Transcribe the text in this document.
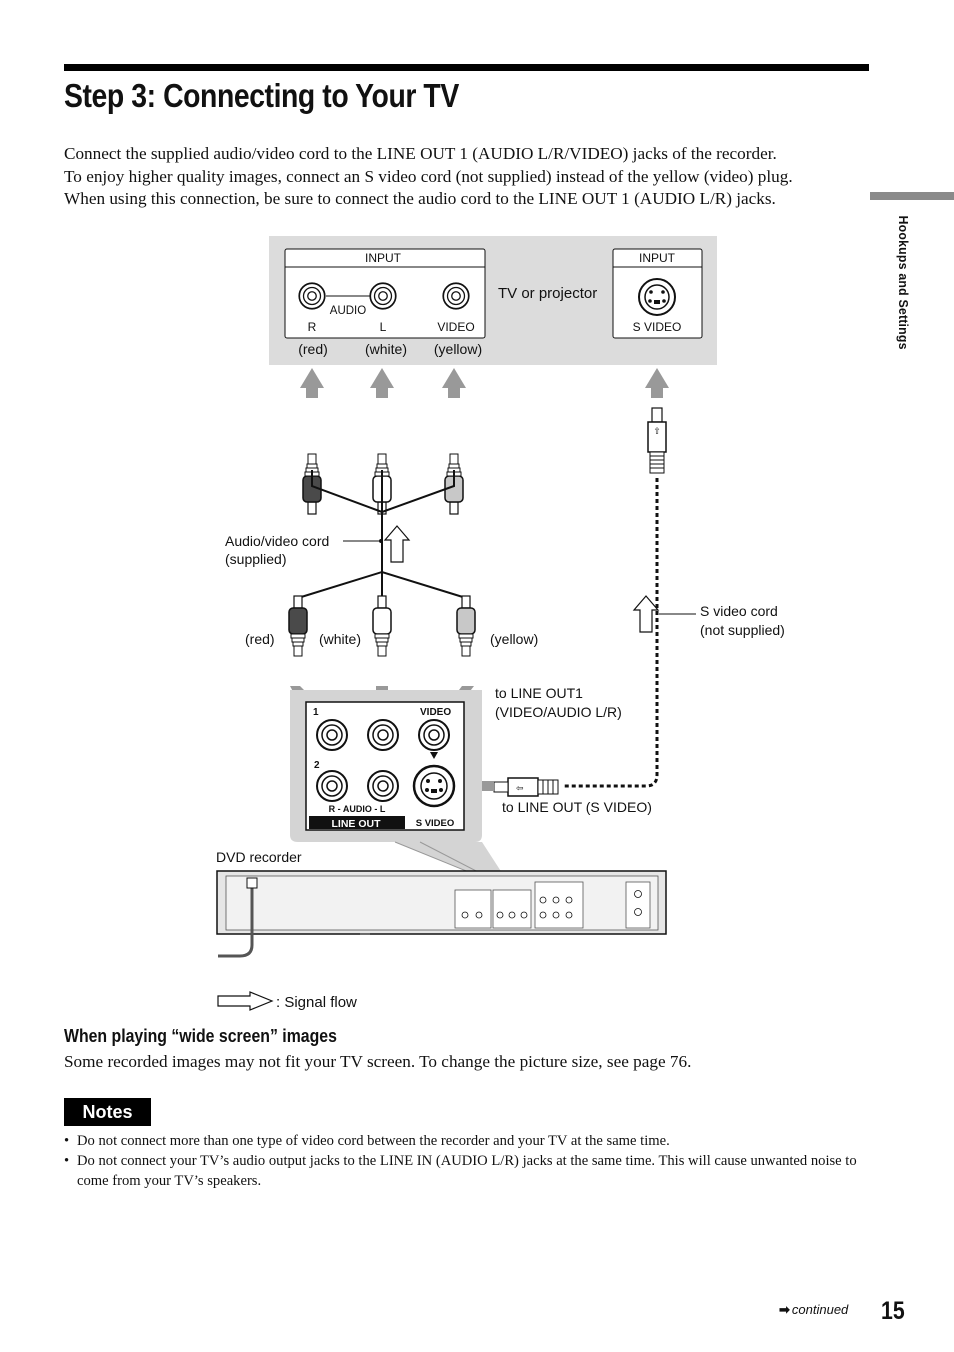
Step 3: Connecting to Your TV

Connect the supplied audio/video cord to the LINE OUT 1 (AUDIO L/R/VIDEO) jacks of the recorder.

To enjoy higher quality images, connect an S video cord (not supplied) instead of the yellow (video) plug.

When using this connection, be sure to connect the audio cord to the LINE OUT 1 (AUDIO L/R) jacks.

Hookups and Settings
INPUT
AUDIO
R	L	VIDEO
(red)	(white) (yellow)
TV or projector
INPUT
S VIDEO
Audio/video cord
(supplied)
(red)	(white)	(yellow)
⇧
S video cord
(not supplied)
⇦
1	VIDEO
2
R - AUDIO - L
LINE OUT	S VIDEO
to LINE OUT1
(VIDEO/AUDIO L/R)
to LINE OUT (S VIDEO)
DVD recorder
: Signal flow
When playing “wide screen” images
Some recorded images may not fit your TV screen. To change the picture size, see page 76.
Notes
• Do not connect more than one type of video cord between the recorder and your TV at the same time.
• Do not connect your TV’s audio output jacks to the LINE IN (AUDIO L/R) jacks at the same time. This will cause unwanted noise to come from your TV’s speakers.
➡ continued 15
